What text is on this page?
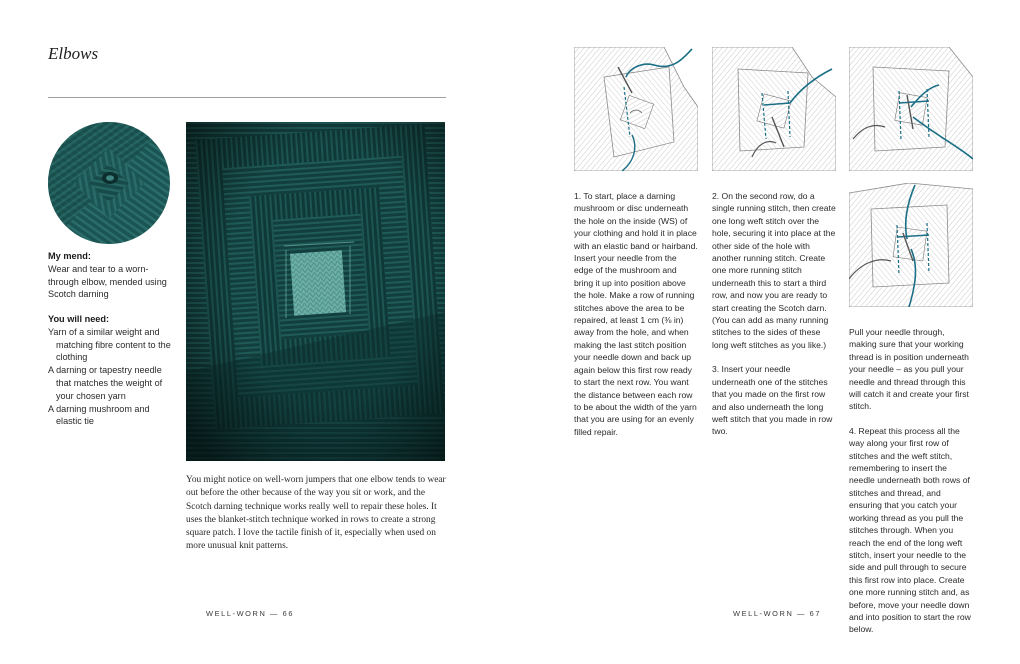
Elbows
My mend:

Wear and tear to a worn-through elbow, mended using Scotch darning

You will need:

Yarn of a similar weight and matching fibre content to the clothing

A darning or tapestry needle that matches the weight of your chosen yarn

A darning mushroom and elastic tie

You might notice on well-worn jumpers that one elbow tends to wear out before the other because of the way you sit or work, and the Scotch darning technique works really well to repair these holes. It uses the blanket-stitch technique worked in rows to create a strong square patch. I love the tactile finish of it, especially when used on more unusual knit patterns.

WELL-WORN — 66

1. To start, place a darning mushroom or disc underneath the hole on the inside (WS) of your clothing and hold it in place with an elastic band or hairband. Insert your needle from the edge of the mushroom and bring it up into position above the hole. Make a row of running stitches above the area to be repaired, at least 1 cm (⅜ in) away from the hole, and when making the last stitch position your needle down and back up again below this first row ready to start the next row. You want the distance between each row to be about the width of the yarn that you are using for an evenly filled repair.

2. On the second row, do a single running stitch, then create one long weft stitch over the hole, securing it into place at the other side of the hole with another running stitch. Create one more running stitch underneath this to start a third row, and now you are ready to start creating the Scotch darn. (You can add as many running stitches to the sides of these long weft stitches as you like.)

3. Insert your needle underneath one of the stitches that you made on the first row and also underneath the long weft stitch that you made in row two.

Pull your needle through, making sure that your working thread is in position underneath your needle – as you pull your needle and thread through this will catch it and create your first stitch.

4. Repeat this process all the way along your first row of stitches and the weft stitch, remembering to insert the needle underneath both rows of stitches and thread, and ensuring that you catch your working thread as you pull the stitches through. When you reach the end of the long weft stitch, insert your needle to the side and pull through to secure this first row into place. Create one more running stitch and, as before, move your needle down and into position to start the row below.

WELL-WORN — 67
